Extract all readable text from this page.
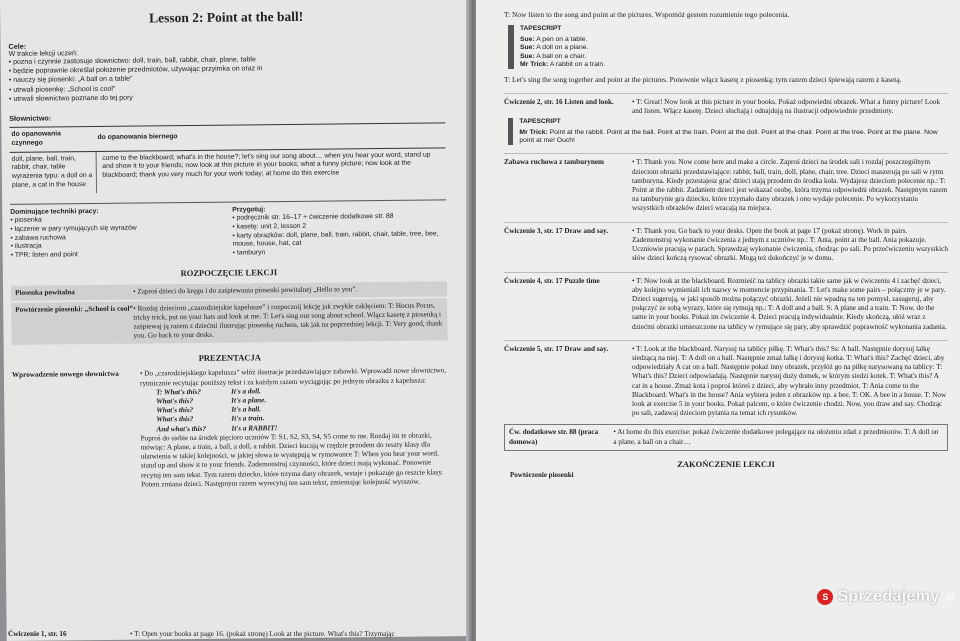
Lesson 2: Point at the ball!

Cele:

W trakcie lekcji uczeń:

• pozna i czynnie zastosuje słownictwo: doll, train, ball, rabbit, chair, plane, table
• będzie poprawnie określał położenie przedmiotów, używając przyimka on oraz in
• nauczy się piosenki: „A ball on a table”
• utrwali piosenkę: „School is cool”
• utrwali słownictwo poznane do tej pory

Słownictwo:

do opanowania czynnego	do opanowania biernego
doll, plane, ball, train, rabbit, chair, table
wyrażenia typu: a doll on a plane, a cat in the house	come to the blackboard; what's in the house?; let's sing our song about… when you hear your word, stand up and show it to your friends; now look at this picture in your books; what a funny picture; now look at the blackboard; thank you very much for your work today; at home do this exercise
Dominujące techniki pracy:
• piosenka
• łączenie w pary rymujących się wyrazów
• zabawa ruchowa
• ilustracja
• TPR: listen and point
Przygotuj:
• podręcznik str. 16–17 + ćwiczenie dodatkowe str. 88
• kasetę: unit 2, lesson 2
• karty obrazków: doll, plane, ball, train, rabbit, chair, table, tree, bee, mouse, house, hat, cat
• tamburyn
ROZPOCZĘCIE LEKCJI
Piosenka powitalna	• Zaproś dzieci do kręgu i do zaśpiewania piosenki powitalnej „Hello to you”.
Powtórzenie piosenki: „School is cool” • Rozdaj dzieciom „czarodziejskie kapelusze” i rozpocznij lekcję jak zwykle zaklęciem: T: Hocus Pocus, tricky trick, put on your hats and look at me. T: Let's sing our song about school. Włącz kasetę z piosenką i zaśpiewaj ją razem z dziećmi ilustrując piosenkę ruchem, tak jak na poprzedniej lekcji. T: Very good, thank you. Go back to your desks.
PREZENTACJA
Wprowadzenie nowego słownictwa	• Do „czarodziejskiego kapelusza” włóż ilustracje przedstawiające zabawki. Wprowadź nowe słownictwo, rytmicznie recytując poniższy tekst i za każdym razem wyciągając po jednym obrazku z kapelusza:
T: What's this?	It's a doll.
What's this?	It's a plane.
What's this?	It's a ball.
What's this?	It's a train.
And what's this?	It's a RABBIT!
Poproś do siebie na środek pięcioro uczniów T: S1, S2, S3, S4, S5 come to me. Rozdaj im te obrazki, mówiąc: A plane, a train, a ball, a doll, a rabbit. Dzieci kucają w rzędzie przodem do reszty klasy dla ułatwienia w takiej kolejności, w jakiej słowa te występują w rymowance T: When you hear your word, stand up and show it to your friends. Zademonstruj czynności, które dzieci mają wykonać. Ponownie recytuj ten sam tekst. Tym razem dziecko, które trzyma dany obrazek, wstaje i pokazuje go reszcie klasy. Potem zmiana dzieci. Następnym razem wyrecytuj ten sam tekst, zmieniając kolejność wyrazów.
Ćwiczenie 1, str. 16	• T: Open your books at page 16. (pokaż stronę) Look at the picture. What's this? Trzymając

T: Now listen to the song and point at the pictures. Wspomóż gestem rozumienie tego polecenia.

TAPESCRIPT
Sue: A pen on a table.
Sue: A doll on a plane.
Sue: A ball on a chair.
Mr Trick: A rabbit on a train.

T: Let's sing the song together and point at the pictures. Ponownie włącz kasetę z piosenką; tym razem dzieci śpiewają razem z kasetą.

Ćwiczenie 2, str. 16 Listen and look.	• T: Great! Now look at this picture in your books. Pokaż odpowiedni obrazek. What a funny picture! Look and listen. Włącz kasetę. Dzieci słuchają i odnajdują na ilustracji odpowiednie przedmioty.
TAPESCRIPT
Mr Trick: Point at the rabbit. Point at the ball. Point at the train. Point at the doll. Point at the chair. Point at the tree. Point at the plane. Now point at me! Ouch!
Zabawa ruchowa z tamburynem	• T: Thank you. Now come here and make a circle. Zaproś dzieci na środek sali i rozdaj poszczególnym dzieciom obrazki przedstawiające: rabbit, ball, train, doll, plane, chair, tree. Dzieci maszerują po sali w rytm tamburyna. Kiedy przestajesz grać dzieci stają przodem do środka koła. Wydajesz dzieciom polecenie np.: T: Point at the rabbit. Zadaniem dzieci jest wskazać osobę, która trzyma odpowiedni obrazek. Następnym razem na tamburynie gra dziecko, które trzymało dany obrazek i ono wydaje polecenie. Po wykorzystaniu wszystkich obrazków dzieci wracają na miejsca.
Ćwiczenie 3, str. 17 Draw and say.	• T: Thank you. Go back to your desks. Open the book at page 17 (pokaż stronę). Work in pairs. Zademonstruj wykonanie ćwiczenia z jednym z uczniów np.: T: Ania, point at the ball. Ania pokazuje. Uczniowie pracują w parach. Sprawdzaj wykonanie ćwiczenia, chodząc po sali. Po przećwiczeniu wszystkich słów dzieci kończą rysować obrazki. Mogą też dokończyć je w domu.
Ćwiczenie 4, str. 17 Puzzle time	• T: Now look at the blackboard. Rozmieść na tablicy obrazki takie same jak w ćwiczeniu 4 i zachęć dzieci, aby kolejno wymieniali ich nazwy w momencie przypinania. T: Let's make some pairs – połączmy je w pary. Dzieci sugerują, w jaki sposób można połączyć obrazki. Jeżeli nie wpadną na ten pomysł, zasugeruj, aby połączyć ze sobą wyrazy, które się rymują np.: T: A doll and a ball. S: A plane and a train. T: Now, do the same in your books. Pokaż im ćwiczenie 4. Dzieci pracują indywidualnie. Kiedy skończą, ułóż wraz z dziećmi obrazki umieszczone na tablicy w rymujące się pary, aby sprawdzić poprawność wykonania zadania.
Ćwiczenie 5, str. 17 Draw and say.	• T: Look at the blackboard. Narysuj na tablicy piłkę. T: What's this? Ss: A ball. Następnie dorysuj lalkę siedzącą na niej. T: A doll on a ball. Następnie zmaż lalkę i dorysuj kotka. T: What's this? Zachęć dzieci, aby odpowiedziały A cat on a ball. Następnie pokaż inny obrazek, przyłóż go na piłkę narysowaną na tablicy: T: What's this? Dzieci odpowiadają. Następnie narysuj duży domek, w którym siedzi kotek. T: What's this? A cat in a house. Zmaż kota i poproś któreś z dzieci, aby wybrało inny przedmiot. T: Ania come to the Blackboard: What's in the house? Ania wybiera jeden z obrazków np. a bee. T: OK. A bee in a house. T: Now look at exercise 5 in your books. Pokaż palcem, o które ćwiczenie chodzi. Now, you draw and say. Chodząc po sali, zadawaj dzieciom pytania na temat ich rysunków.
Ćw. dodatkowe str. 88 (praca domowa)
• At home do this exercise: pokaż ćwiczenie dodatkowe polegające na ułożeniu zdań z przedmiotów. T: A doll on a plane, a ball on a chair…
ZAKOŃCZENIE LEKCJI
Powtórzenie piosenki
S Sprzedajemy .pl
